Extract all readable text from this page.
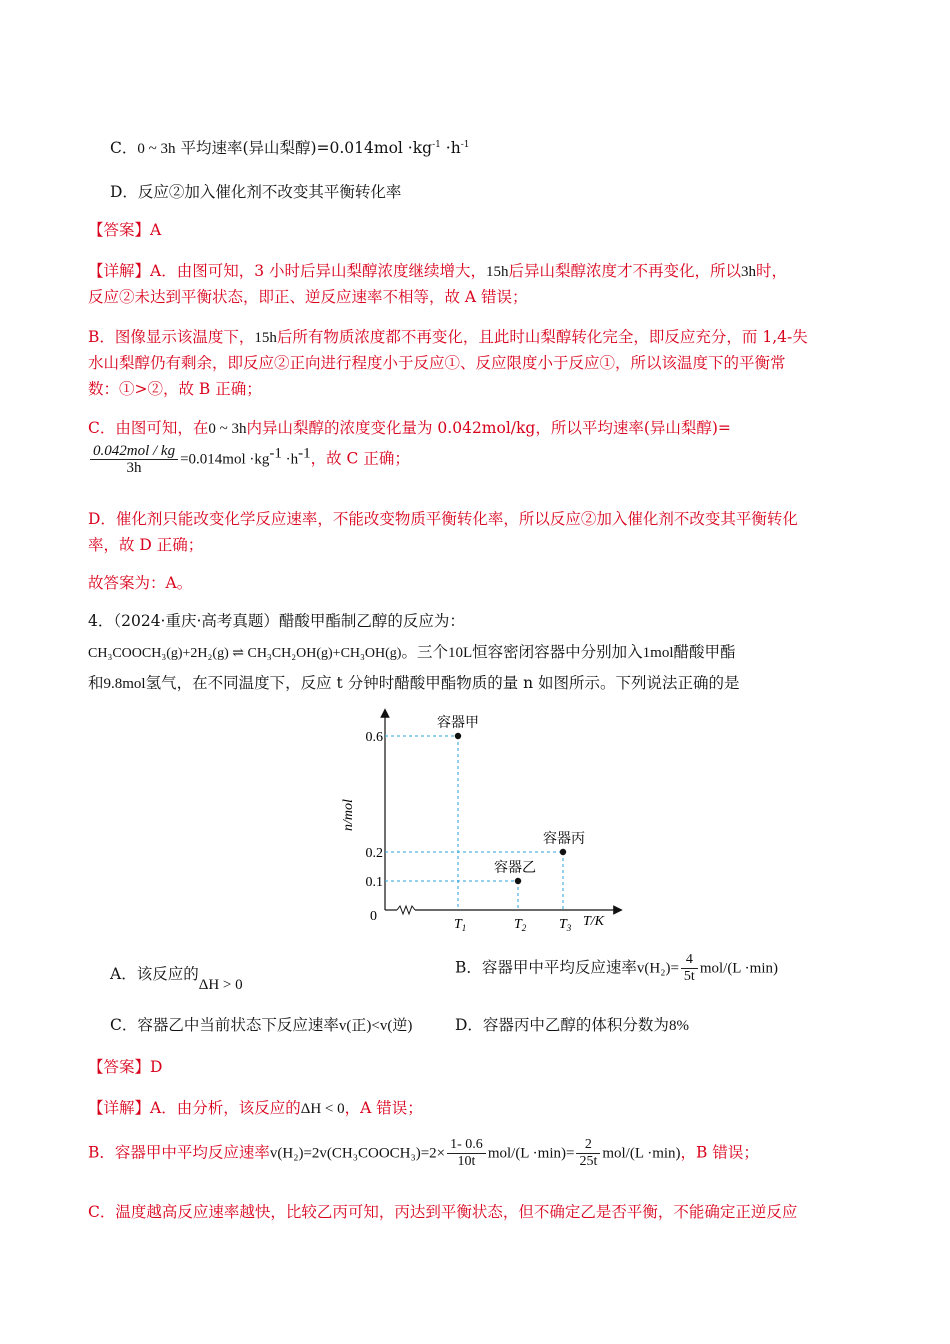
C．0 ~ 3h 平均速率(异山梨醇)$=0.014mol \cdot kg^{-1} \cdot h^{-1}$
D．反应②加入催化剂不改变其平衡转化率
【答案】A
【详解】A．由图可知，3 小时后异山梨醇浓度继续增大，15h后异山梨醇浓度才不再变化，所以3h时，
反应②未达到平衡状态，即正、逆反应速率不相等，故 A 错误；
B．图像显示该温度下，15h后所有物质浓度都不再变化，且此时山梨醇转化完全，即反应充分，而 1,4-失
水山梨醇仍有剩余，即反应②正向进行程度小于反应①、反应限度小于反应①，所以该温度下的平衡常
数：①>②，故 B 正确；
C．由图可知，在0 ~ 3h内异山梨醇的浓度变化量为 0.042mol/kg，所以平均速率(异山梨醇)=
$\frac{\text{0.042mol / kg}}{3h} =0.014mol \cdot kg^{-1} \cdot h^{-1}$，故 C 正确；
D．催化剂只能改变化学反应速率，不能改变物质平衡转化率，所以反应②加入催化剂不改变其平衡转化
率，故 D 正确；
故答案为：A。
4．（2024·重庆·高考真题）醋酸甲酯制乙醇的反应为：
CH₃COOCH₃(g)+2H₂(g) ⇌ CH₃CH₂OH(g)+CH₃OH(g)。三个10L恒容密闭容器中分别加入1mol醋酸甲酯
和9.8mol氢气，在不同温度下，反应 t 分钟时醋酸甲酯物质的量 n 如图所示。下列说法正确的是
n/mol
T/K
0
0.6
$T_1$
容器甲
0.1
$T_2$
容器乙
0.2
$T_3$
容器丙
A．该反应的ΔH > 0
B．容器甲中平均反应速率$v(H_2)= \frac{4}{5t} mol/(L \cdot\min)$
C．容器乙中当前状态下反应速率v(正)<v(逆)	D．容器丙中乙醇的体积分数为8%
【答案】D
【详解】A．由分析，该反应的ΔH < 0，A 错误；
B．容器甲中平均反应速率v(H₂)=2v(CH₃COOCH₃)=2× $\frac{1- 0.6}{10t} mol/(L \cdot\min)= \frac{2}{25t} mol/(L \cdot\min)$，B 错误；
C．温度越高反应速率越快，比较乙丙可知，丙达到平衡状态，但不确定乙是否平衡，不能确定正逆反应
